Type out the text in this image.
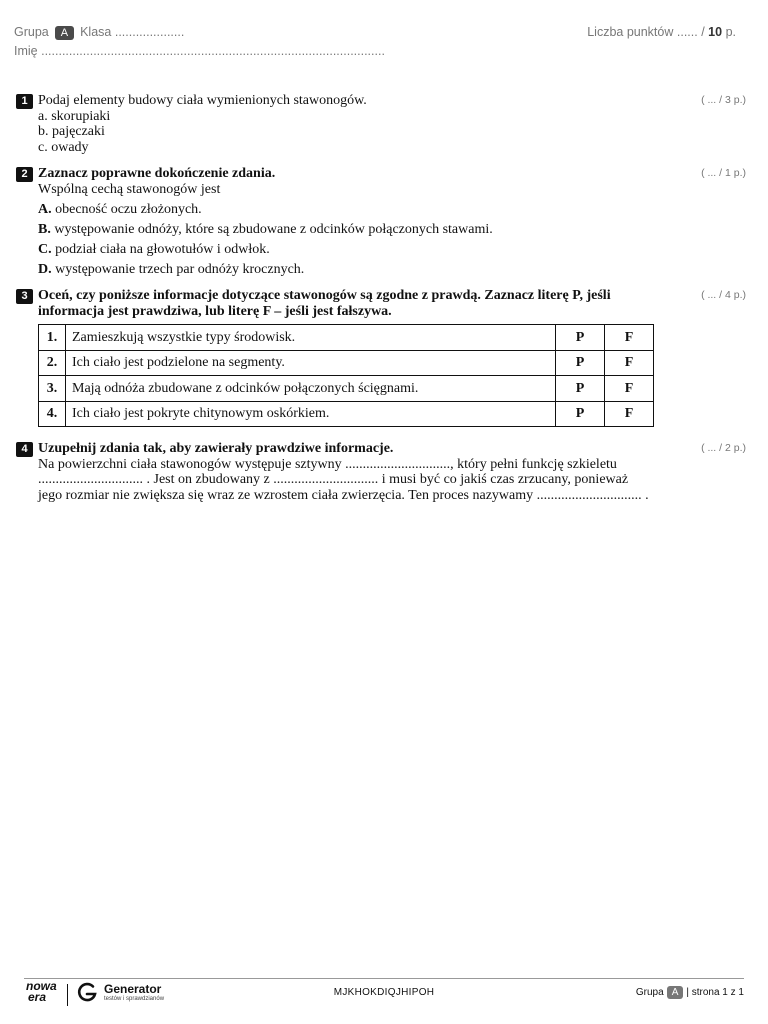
Grupa A Klasa ....................	Liczba punktów ...... / 10 p.
Imię ...................................................................................................
1	( ... / 3 p.)
Podaj elementy budowy ciała wymienionych stawonogów.
a. skorupiaki
b. pajęczaki
c. owady
2	( ... / 1 p.)
Zaznacz poprawne dokończenie zdania.
Wspólną cechą stawonogów jest
A. obecność oczu złożonych.
B. występowanie odnóży, które są zbudowane z odcinków połączonych stawami.
C. podział ciała na głowotułów i odwłok.
D. występowanie trzech par odnóży krocznych.
3	( ... / 4 p.)
Oceń, czy poniższe informacje dotyczące stawonogów są zgodne z prawdą. Zaznacz literę P, jeśli
informacja jest prawdziwa, lub literę F – jeśli jest fałszywa.
1.	Zamieszkują wszystkie typy środowisk.	P	F
2.	Ich ciało jest podzielone na segmenty.	P	F
3.	Mają odnóża zbudowane z odcinków połączonych ścięgnami.	P	F
4.	Ich ciało jest pokryte chitynowym oskórkiem.	P	F
4	( ... / 2 p.)
Uzupełnij zdania tak, aby zawierały prawdziwe informacje.
Na powierzchni ciała stawonogów występuje sztywny .............................., który pełni funkcję szkieletu
.............................. . Jest on zbudowany z .............................. i musi być co jakiś czas zrzucany, ponieważ
jego rozmiar nie zwiększa się wraz ze wzrostem ciała zwierzęcia. Ten proces nazywamy .............................. .
nowa
era
Generator
testów i sprawdzianów
MJKHOKDIQJHIPOH	Grupa A | strona 1 z 1
